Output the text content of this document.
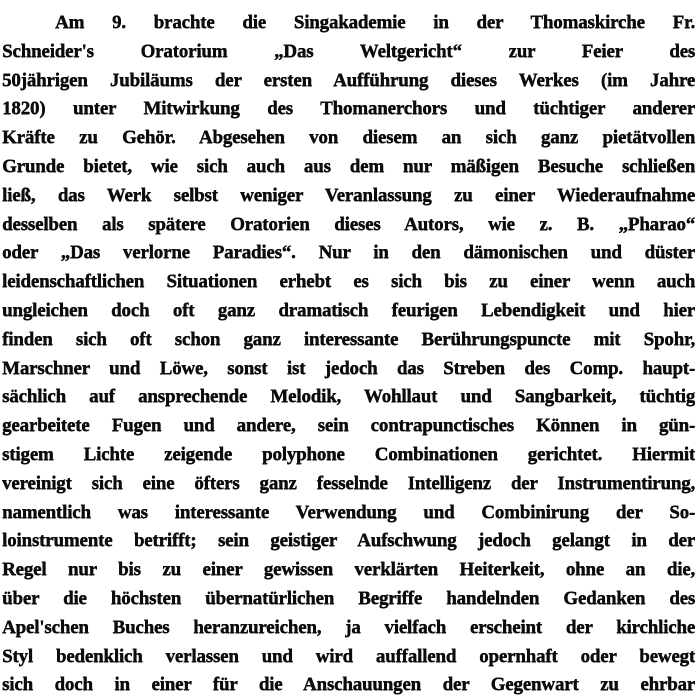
Am 9. brachte die Singakademie in der Thomaskirche Fr.
Schneider's Oratorium „Das Weltgericht“ zur Feier des
50jährigen Jubiläums der ersten Aufführung dieses Werkes (im Jahre
1820) unter Mitwirkung des Thomanerchors und tüchtiger anderer
Kräfte zu Gehör. Abgesehen von diesem an sich ganz pietätvollen
Grunde bietet, wie sich auch aus dem nur mäßigen Besuche schließen
ließ, das Werk selbst weniger Veranlassung zu einer Wiederaufnahme
desselben als spätere Oratorien dieses Autors, wie z. B. „Pharao“
oder „Das verlorne Paradies“. Nur in den dämonischen und düster
leidenschaftlichen Situationen erhebt es sich bis zu einer wenn auch
ungleichen doch oft ganz dramatisch feurigen Lebendigkeit und hier
finden sich oft schon ganz interessante Berührungspuncte mit Spohr,
Marschner und Löwe, sonst ist jedoch das Streben des Comp. haupt-
sächlich auf ansprechende Melodik, Wohllaut und Sangbarkeit, tüchtig
gearbeitete Fugen und andere, sein contrapunctisches Können in gün-
stigem Lichte zeigende polyphone Combinationen gerichtet. Hiermit
vereinigt sich eine öfters ganz fesselnde Intelligenz der Instrumentirung,
namentlich was interessante Verwendung und Combinirung der So-
loinstrumente betrifft; sein geistiger Aufschwung jedoch gelangt in der
Regel nur bis zu einer gewissen verklärten Heiterkeit, ohne an die,
über die höchsten übernatürlichen Begriffe handelnden Gedanken des
Apel'schen Buches heranzureichen, ja vielfach erscheint der kirchliche
Styl bedenklich verlassen und wird auffallend opernhaft oder bewegt
sich doch in einer für die Anschauungen der Gegenwart zu ehrbar
